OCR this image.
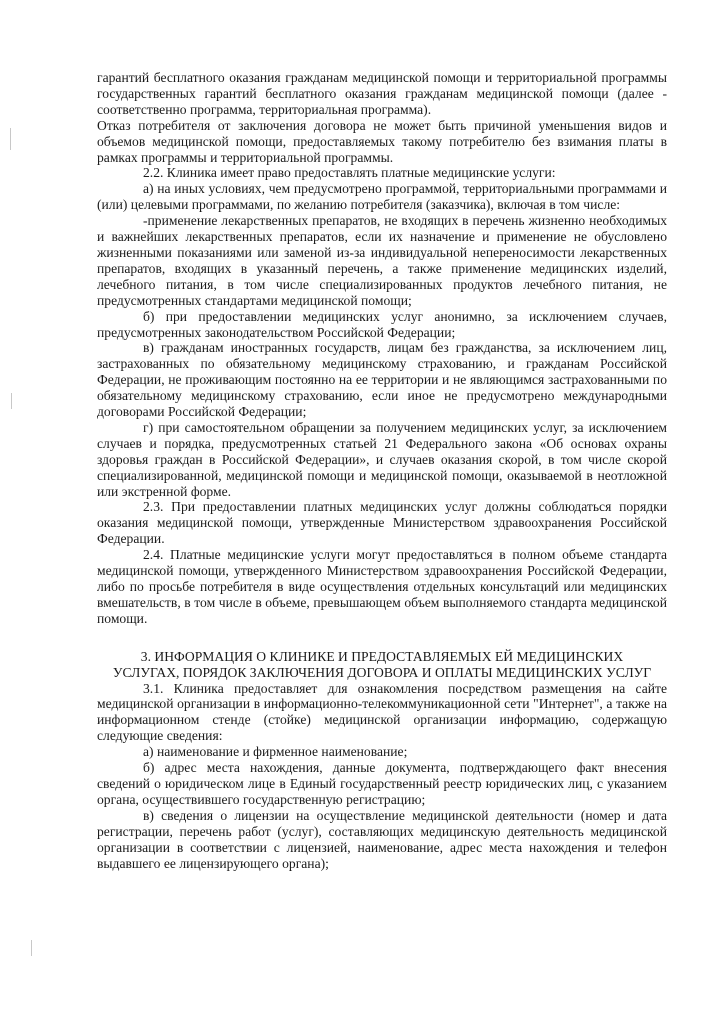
гарантий бесплатного оказания гражданам медицинской помощи и территориальной программы государственных гарантий бесплатного оказания гражданам медицинской помощи (далее - соответственно программа, территориальная программа).

Отказ потребителя от заключения договора не может быть причиной уменьшения видов и объемов медицинской помощи, предоставляемых такому потребителю без взимания платы в рамках программы и территориальной программы.

2.2. Клиника имеет право предоставлять платные медицинские услуги:

а) на иных условиях, чем предусмотрено программой, территориальными программами и (или) целевыми программами, по желанию потребителя (заказчика), включая в том числе:

-применение лекарственных препаратов, не входящих в перечень жизненно необходимых и важнейших лекарственных препаратов, если их назначение и применение не обусловлено жизненными показаниями или заменой из-за индивидуальной непереносимости лекарственных препаратов, входящих в указанный перечень, а также применение медицинских изделий, лечебного питания, в том числе специализированных продуктов лечебного питания, не предусмотренных стандартами медицинской помощи;

б) при предоставлении медицинских услуг анонимно, за исключением случаев, предусмотренных законодательством Российской Федерации;

в) гражданам иностранных государств, лицам без гражданства, за исключением лиц, застрахованных по обязательному медицинскому страхованию, и гражданам Российской Федерации, не проживающим постоянно на ее территории и не являющимся застрахованными по обязательному медицинскому страхованию, если иное не предусмотрено международными договорами Российской Федерации;

г) при самостоятельном обращении за получением медицинских услуг, за исключением случаев и порядка, предусмотренных статьей 21 Федерального закона «Об основах охраны здоровья граждан в Российской Федерации», и случаев оказания скорой, в том числе скорой специализированной, медицинской помощи и медицинской помощи, оказываемой в неотложной или экстренной форме.

2.3. При предоставлении платных медицинских услуг должны соблюдаться порядки оказания медицинской помощи, утвержденные Министерством здравоохранения Российской Федерации.

2.4. Платные медицинские услуги могут предоставляться в полном объеме стандарта медицинской помощи, утвержденного Министерством здравоохранения Российской Федерации, либо по просьбе потребителя в виде осуществления отдельных консультаций или медицинских вмешательств, в том числе в объеме, превышающем объем выполняемого стандарта медицинской помощи.

3. ИНФОРМАЦИЯ О КЛИНИКЕ И ПРЕДОСТАВЛЯЕМЫХ ЕЙ МЕДИЦИНСКИХ УСЛУГАХ, ПОРЯДОК ЗАКЛЮЧЕНИЯ ДОГОВОРА И ОПЛАТЫ МЕДИЦИНСКИХ УСЛУГ

3.1. Клиника предоставляет для ознакомления посредством размещения на сайте медицинской организации в информационно-телекоммуникационной сети "Интернет", а также на информационном стенде (стойке) медицинской организации информацию, содержащую следующие сведения:

а) наименование и фирменное наименование;

б) адрес места нахождения, данные документа, подтверждающего факт внесения сведений о юридическом лице в Единый государственный реестр юридических лиц, с указанием органа, осуществившего государственную регистрацию;

в) сведения о лицензии на осуществление медицинской деятельности (номер и дата регистрации, перечень работ (услуг), составляющих медицинскую деятельность медицинской организации в соответствии с лицензией, наименование, адрес места нахождения и телефон выдавшего ее лицензирующего органа);
